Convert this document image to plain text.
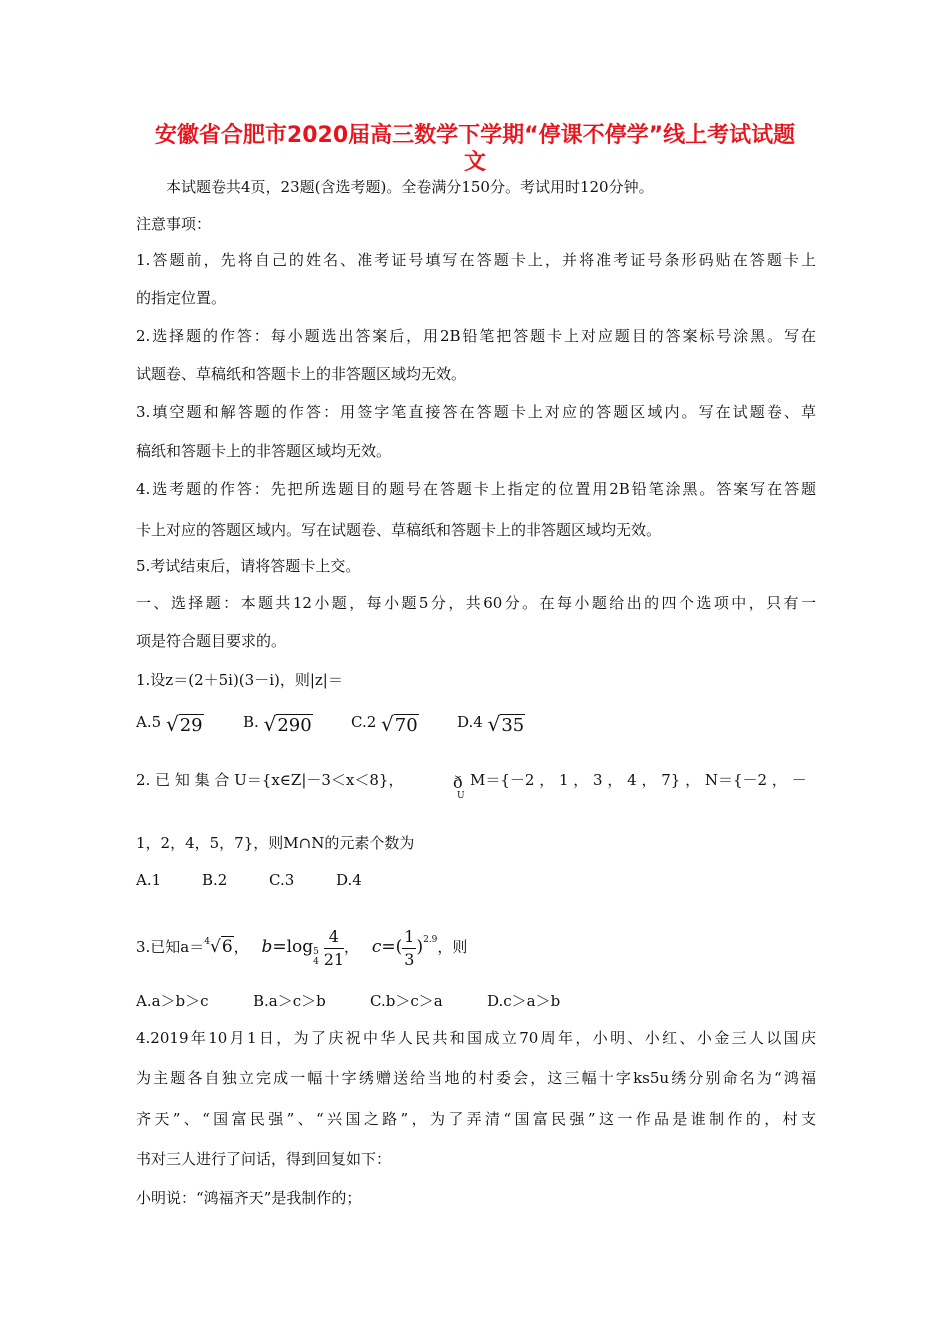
安徽省合肥市2020届高三数学下学期“停课不停学”线上考试试题
文
本试题卷共4页，23题(含选考题)。全卷满分150分。考试用时120分钟。
注意事项：
1.答题前，先将自己的姓名、准考证号填写在答题卡上，并将准考证号条形码贴在答题卡上
的指定位置。
2.选择题的作答：每小题选出答案后，用2B铅笔把答题卡上对应题目的答案标号涂黑。写在
试题卷、草稿纸和答题卡上的非答题区域均无效。
3.填空题和解答题的作答：用签字笔直接答在答题卡上对应的答题区域内。写在试题卷、草
稿纸和答题卡上的非答题区域均无效。
4.选考题的作答：先把所选题目的题号在答题卡上指定的位置用2B铅笔涂黑。答案写在答题
卡上对应的答题区域内。写在试题卷、草稿纸和答题卡上的非答题区域均无效。
5.考试结束后，请将答题卡上交。
一、选择题：本题共12小题，每小题5分，共60分。在每小题给出的四个选项中，只有一
项是符合题目要求的。
1.设z＝(2＋5i)(3－i)，则|z|＝
A.5 √29	B. √290	C.2 √70	D.4 √35
2. 已 知 集 合 U＝{x∈Z|－3＜x＜8}，	ð
U
M＝{－2 ， 1 ， 3 ， 4 ， 7} ， N＝{－2 ， －
1，2，4，5，7}，则M∩N的元素个数为
A.1	B.2	C.3	D.4
3.已知a＝$^4$√6， b=log 5
4
$\frac{4}{21}$ ， $c=( \frac{1}{3} )^{2.9}$，则
A.a＞b＞c	B.a＞c＞b	C.b＞c＞a	D.c＞a＞b
4.2019年10月1日，为了庆祝中华人民共和国成立70周年，小明、小红、小金三人以国庆
为主题各自独立完成一幅十字绣赠送给当地的村委会，这三幅十字ks5u绣分别命名为“鸿福
齐天”、“国富民强”、“兴国之路”，为了弄清“国富民强”这一作品是谁制作的，村支
书对三人进行了问话，得到回复如下：
小明说：“鸿福齐天”是我制作的；
